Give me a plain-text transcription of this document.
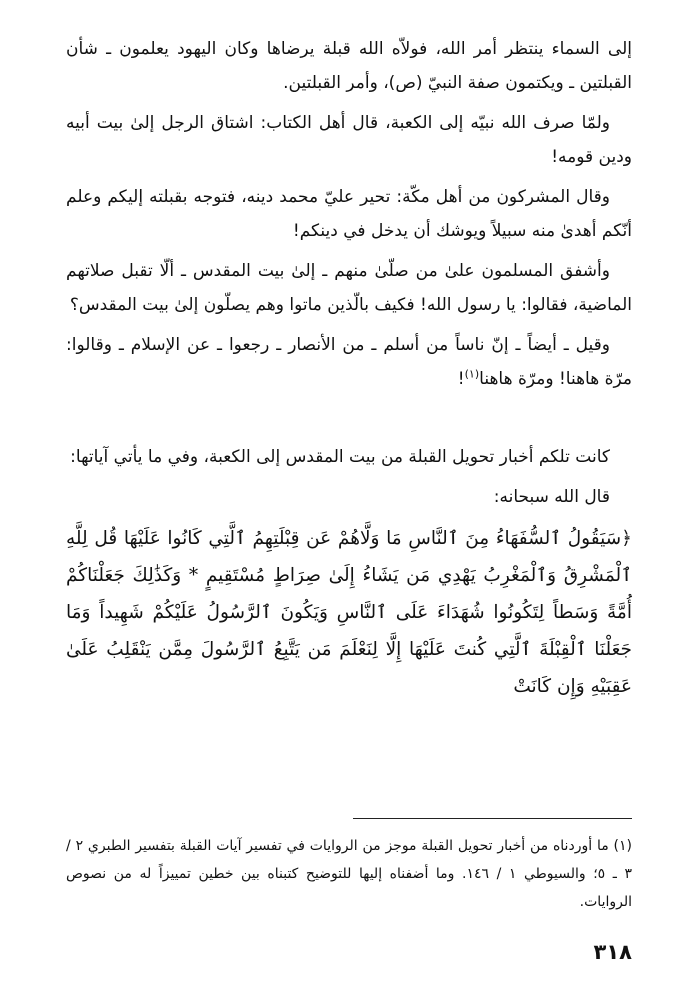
إلى السماء ينتظر أمر الله، فولاّه الله قبلة يرضاها وكان اليهود يعلمون ـ شأن القبلتين ـ ويكتمون صفة النبيّ (ص)، وأمر القبلتين.

ولمّا صرف الله نبيّه إلى الكعبة، قال أهل الكتاب: اشتاق الرجل إلىٰ بيت أبيه ودين قومه!

وقال المشركون من أهل مكّة: تحير عليّ محمد دينه، فتوجه بقبلته إليكم وعلم أنّكم أهدىٰ منه سبيلاً ويوشك أن يدخل في دينكم!

وأشفق المسلمون علىٰ من صلّىٰ منهم ـ إلىٰ بيت المقدس ـ ألّا تقبل صلاتهم الماضية، فقالوا: يا رسول الله! فكيف بالّذين ماتوا وهم يصلّون إلىٰ بيت المقدس؟

وقيل ـ أيضاً ـ إنّ ناساً من أسلم ـ من الأنصار ـ رجعوا ـ عن الإسلام ـ وقالوا: مرّة هاهنا! ومرّة هاهنا$^{(١)}$!

كانت تلكم أخبار تحويل القبلة من بيت المقدس إلى الكعبة، وفي ما يأتي آياتها:

قال الله سبحانه:

﴿سَيَقُولُ ٱلسُّفَهَاءُ مِنَ ٱلنَّاسِ مَا وَلَّاهُمْ عَن قِبْلَتِهِمُ ٱلَّتِي كَانُوا عَلَيْهَا قُل لِلَّهِ ٱلْمَشْرِقُ وَٱلْمَغْرِبُ يَهْدِي مَن يَشَاءُ إِلَىٰ صِرَاطٍ مُسْتَقِيمٍ * وَكَذَٰلِكَ جَعَلْنَاكُمْ أُمَّةً وَسَطاً لِتَكُونُوا شُهَدَاءَ عَلَى ٱلنَّاسِ وَيَكُونَ ٱلرَّسُولُ عَلَيْكُمْ شَهِيداً وَمَا جَعَلْنَا ٱلْقِبْلَةَ ٱلَّتِي كُنتَ عَلَيْهَا إِلَّا لِنَعْلَمَ مَن يَتَّبِعُ ٱلرَّسُولَ مِمَّن يَنْقَلِبُ عَلَىٰ عَقِبَيْهِ وَإِن كَانَتْ

(١) ما أوردناه من أخبار تحويل القبلة موجز من الروايات في تفسير آيات القبلة بتفسير الطبري ٢ / ٣ ـ ٥؛ والسيوطي ١ / ١٤٦. وما أضفناه إليها للتوضيح كتبناه بين خطين تمييزاً له من نصوص الروايات.

٣١٨
